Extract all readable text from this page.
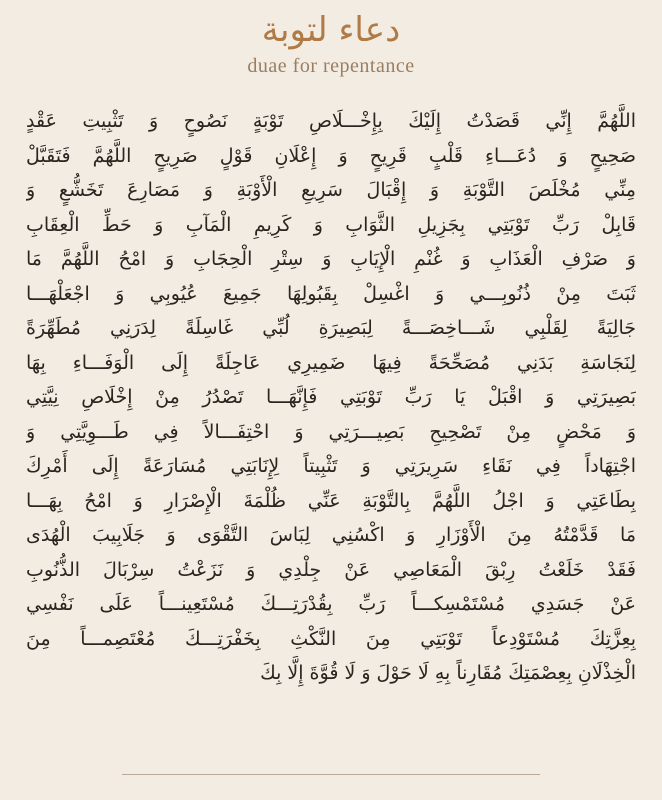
دعاء لتوبة
duae for repentance
اللَّهُمَّ إِنِّي قَصَدْتُ إِلَيْكَ بِإِخْـــلَاصِ تَوْبَةٍ نَصُوحٍ وَ تَثْبِيتِ عَقْدٍ
صَحِيحٍ وَ دُعَـــاءِ قَلْبٍ قَرِيحٍ وَ إِعْلَانِ قَوْلٍ صَرِيحٍ اللَّهُمَّ فَتَقَبَّلْ
مِنِّي مُخْلَصَ التَّوْبَةِ وَ إِقْبَالَ سَرِيعِ الْأَوْبَةِ وَ مَصَارِعَ تَخَشُّعٍ وَ
قَابِلْ رَبِّ تَوْبَتِي بِجَزِيلِ الثَّوَابِ وَ كَرِيمِ الْمَآبِ وَ حَطِّ الْعِقَابِ
وَ صَرْفِ الْعَذَابِ وَ غُنْمِ الْإِيَابِ وَ سِتْرِ الْحِجَابِ وَ امْحُ اللَّهُمَّ مَا
ثَبَتَ مِنْ ذُنُوبِـــي وَ اغْسِلْ بِقَبُولِهَا جَمِيعَ عُيُوبِي وَ اجْعَلْهَـــا
جَالِيَةً لِقَلْبِي شَـــاخِصَـــةً لِبَصِيرَةِ لُبِّي غَاسِلَةً لِدَرَنِي مُطَهِّرَةً
لِنَجَاسَةِ بَدَنِي مُصَحِّحَةً فِيهَا ضَمِيرِي عَاجِلَةً إِلَى الْوَفَـــاءِ بِهَا
بَصِيرَتِي وَ اقْبَلْ يَا رَبِّ تَوْبَتِي فَإِنَّهَـــا تَصْدُرُ مِنْ إِخْلَاصِ نِيَّتِي
وَ مَحْضٍ مِنْ تَصْحِيحِ بَصِيـــرَتِي وَ احْتِفَـــالاً فِي طَـــوِيَّتِي وَ
اجْتِهَاداً فِي نَقَاءِ سَرِيرَتِي وَ تَثْبِيتاً لِإِنَابَتِي مُسَارَعَةً إِلَى أَمْرِكَ
بِطَاعَتِي وَ اجْلُ اللَّهُمَّ بِالتَّوْبَةِ عَنِّي ظُلْمَةَ الْإِصْرَارِ وَ امْحُ بِهَـــا
مَا قَدَّمْتُهُ مِنَ الْأَوْزَارِ وَ اكْسُنِي لِبَاسَ التَّقْوَى وَ جَلَابِيبَ الْهُدَى
فَقَدْ خَلَعْتُ رِبْقَ الْمَعَاصِي عَنْ جِلْدِي وَ نَزَعْتُ سِرْبَالَ الذُّنُوبِ
عَنْ جَسَدِي مُسْتَمْسِكـــاً رَبِّ بِقُدْرَتِـــكَ مُسْتَعِينـــاً عَلَى نَفْسِي
بِعِزَّتِكَ مُسْتَوْدِعاً تَوْبَتِي مِنَ النَّكْثِ بِخَفْرَتِـــكَ مُعْتَصِمـــاً مِنَ
الْخِذْلَانِ بِعِصْمَتِكَ مُقَارِناً بِهِ لَا حَوْلَ وَ لَا قُوَّةَ إِلَّا بِكَ
